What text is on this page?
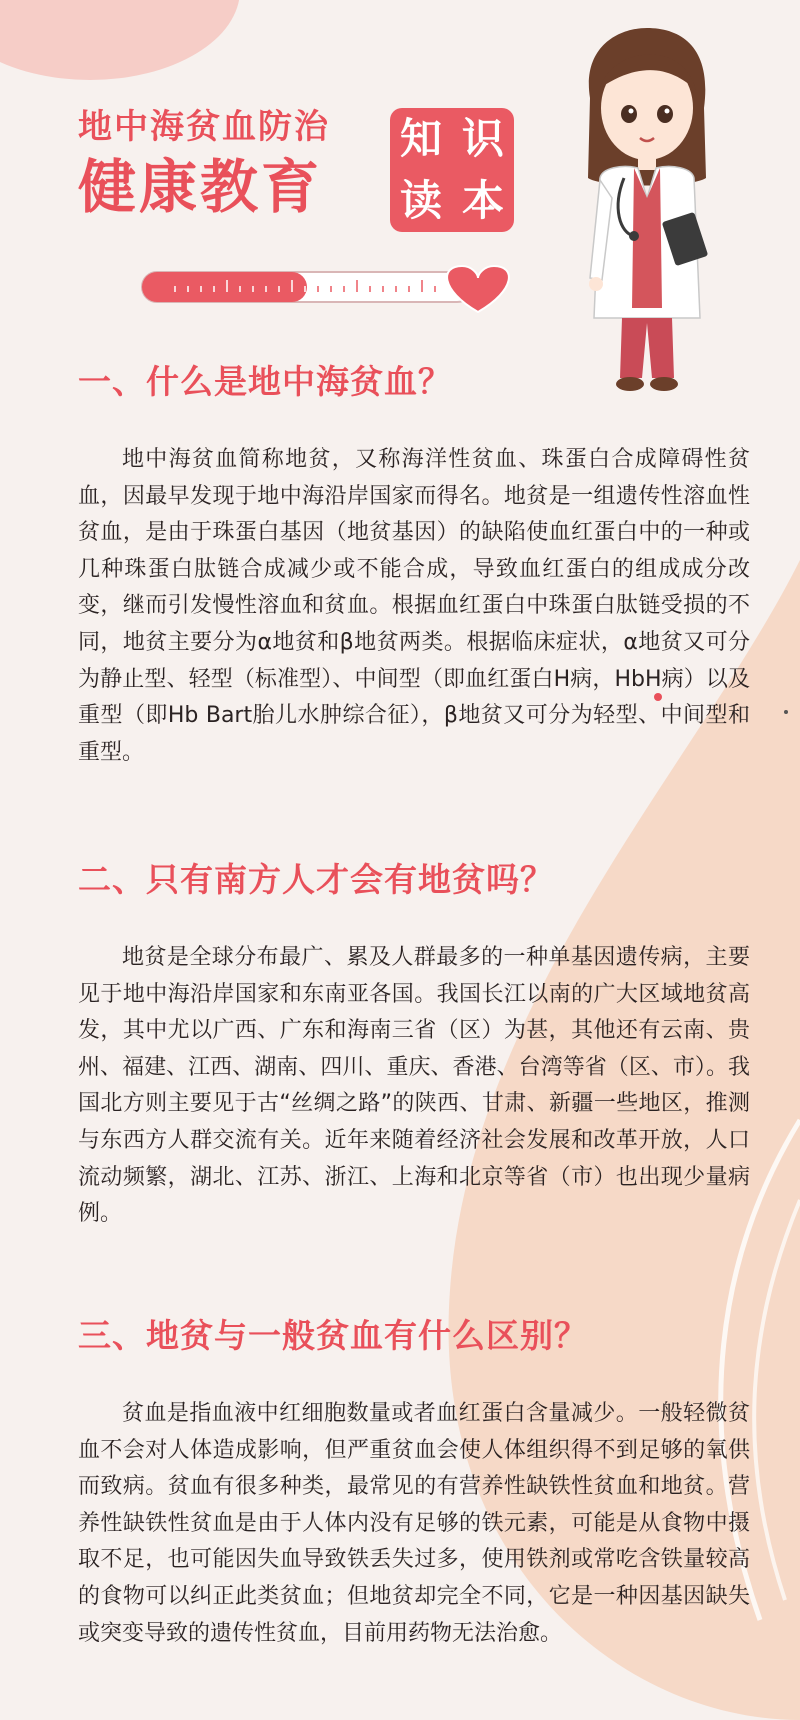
地中海贫血防治
健康教育
知 识
读 本
一、什么是地中海贫血？

地中海贫血简称地贫，又称海洋性贫血、珠蛋白合成障碍性贫血，因最早发现于地中海沿岸国家而得名。地贫是一组遗传性溶血性贫血，是由于珠蛋白基因（地贫基因）的缺陷使血红蛋白中的一种或几种珠蛋白肽链合成减少或不能合成，导致血红蛋白的组成成分改变，继而引发慢性溶血和贫血。根据血红蛋白中珠蛋白肽链受损的不同，地贫主要分为α地贫和β地贫两类。根据临床症状，α地贫又可分为静止型、轻型（标准型）、中间型（即血红蛋白H病，HbH病）以及重型（即Hb Bart胎儿水肿综合征），β地贫又可分为轻型、中间型和重型。

二、只有南方人才会有地贫吗？

地贫是全球分布最广、累及人群最多的一种单基因遗传病，主要见于地中海沿岸国家和东南亚各国。我国长江以南的广大区域地贫高发，其中尤以广西、广东和海南三省（区）为甚，其他还有云南、贵州、福建、江西、湖南、四川、重庆、香港、台湾等省（区、市）。我国北方则主要见于古“丝绸之路”的陕西、甘肃、新疆一些地区，推测与东西方人群交流有关。近年来随着经济社会发展和改革开放，人口流动频繁，湖北、江苏、浙江、上海和北京等省（市）也出现少量病例。

三、地贫与一般贫血有什么区别？

贫血是指血液中红细胞数量或者血红蛋白含量减少。一般轻微贫血不会对人体造成影响，但严重贫血会使人体组织得不到足够的氧供而致病。贫血有很多种类，最常见的有营养性缺铁性贫血和地贫。营养性缺铁性贫血是由于人体内没有足够的铁元素，可能是从食物中摄取不足，也可能因失血导致铁丢失过多，使用铁剂或常吃含铁量较高的食物可以纠正此类贫血；但地贫却完全不同，它是一种因基因缺失或突变导致的遗传性贫血，目前用药物无法治愈。
